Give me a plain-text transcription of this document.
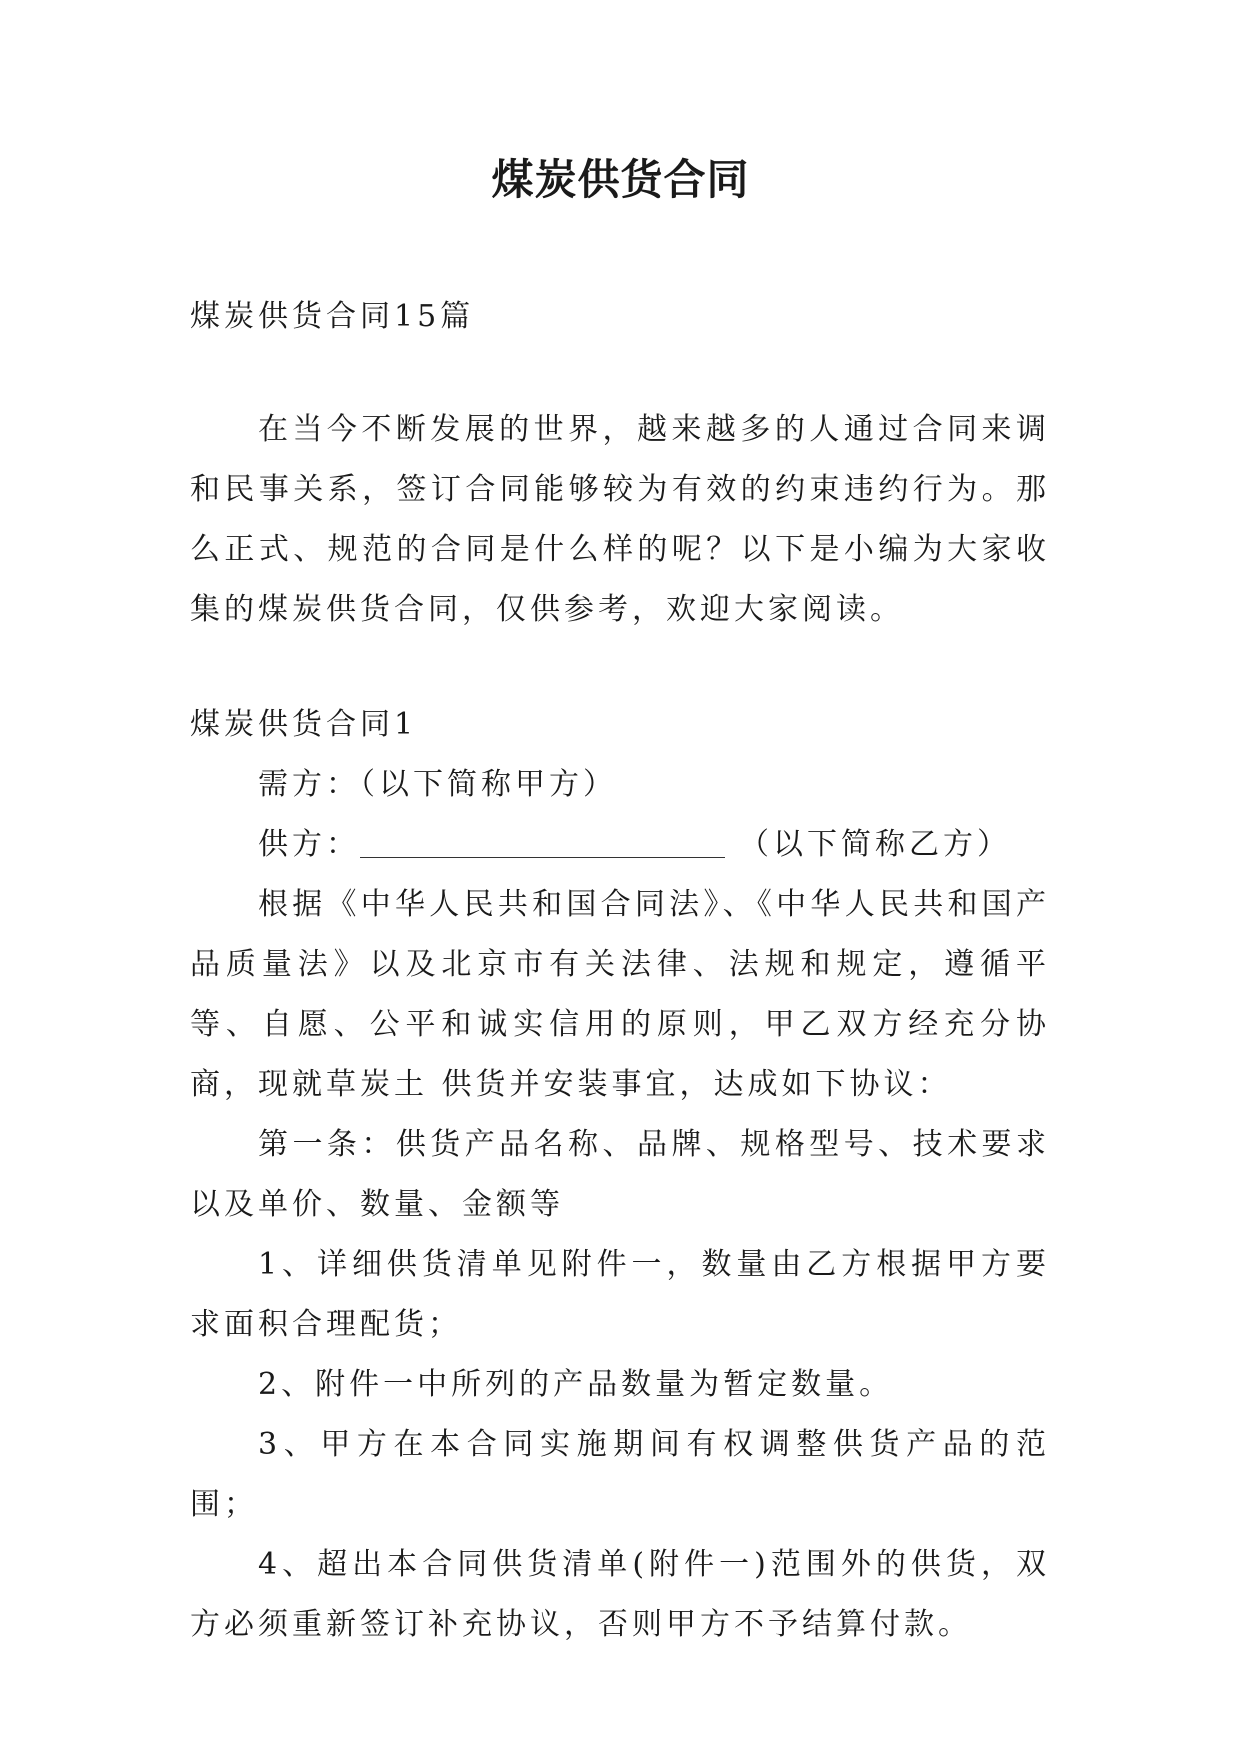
煤炭供货合同

煤炭供货合同15篇

在当今不断发展的世界，越来越多的人通过合同来调和民事关系，签订合同能够较为有效的约束违约行为。那么正式、规范的合同是什么样的呢？以下是小编为大家收集的煤炭供货合同，仅供参考，欢迎大家阅读。

煤炭供货合同1

需方：（以下简称甲方）

供方：	（以下简称乙方）

根据《中华人民共和国合同法》、《中华人民共和国产品质量法》以及北京市有关法律、法规和规定，遵循平等、自愿、公平和诚实信用的原则，甲乙双方经充分协商，现就草炭土 供货并安装事宜，达成如下协议：

第一条：供货产品名称、品牌、规格型号、技术要求以及单价、数量、金额等

1、详细供货清单见附件一，数量由乙方根据甲方要求面积合理配货；

2、附件一中所列的产品数量为暂定数量。

3、甲方在本合同实施期间有权调整供货产品的范围；

4、超出本合同供货清单(附件一)范围外的供货，双方必须重新签订补充协议，否则甲方不予结算付款。
